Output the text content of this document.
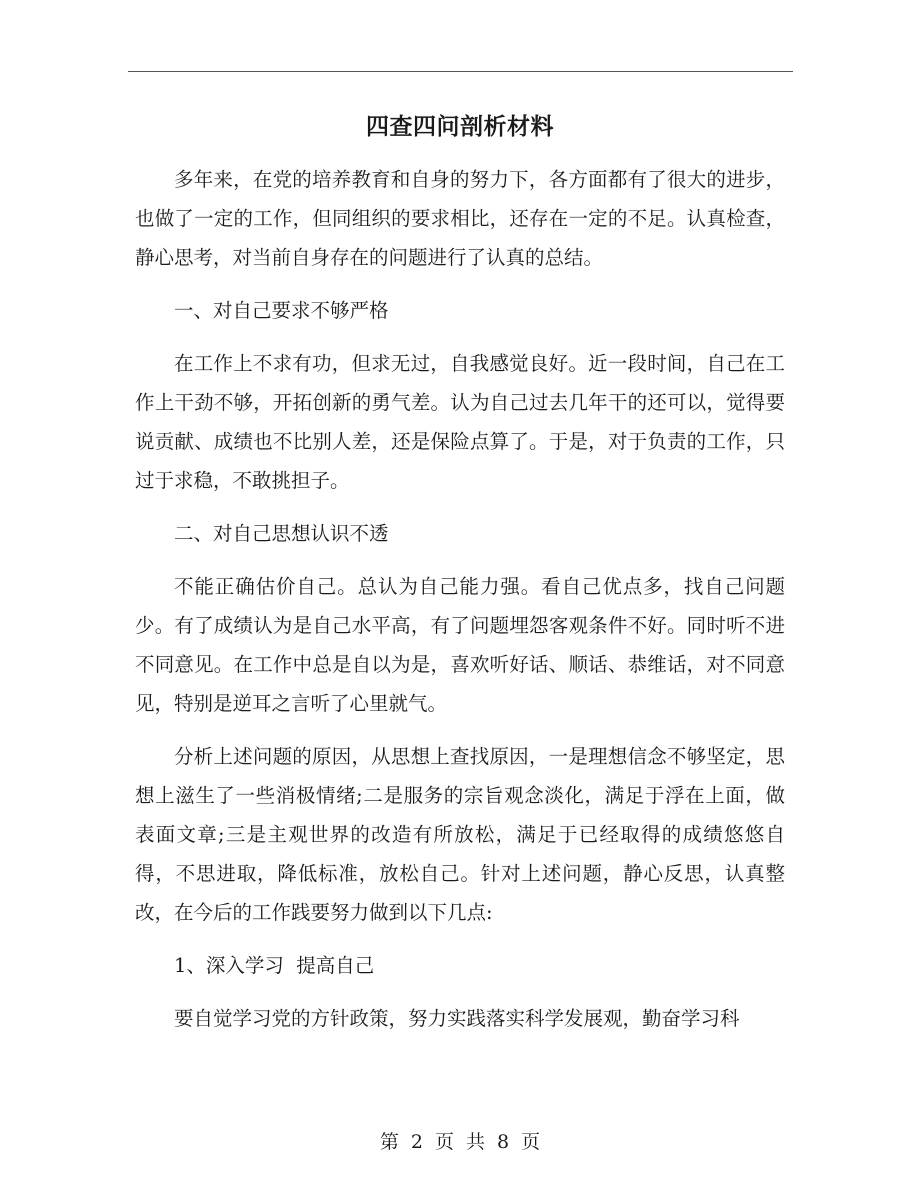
四查四问剖析材料

多年来，在党的培养教育和自身的努力下，各方面都有了很大的进步，也做了一定的工作，但同组织的要求相比，还存在一定的不足。认真检查，静心思考，对当前自身存在的问题进行了认真的总结。

一、对自己要求不够严格

在工作上不求有功，但求无过，自我感觉良好。近一段时间，自己在工作上干劲不够，开拓创新的勇气差。认为自己过去几年干的还可以，觉得要说贡献、成绩也不比别人差，还是保险点算了。于是，对于负责的工作，只过于求稳，不敢挑担子。

二、对自己思想认识不透

不能正确估价自己。总认为自己能力强。看自己优点多，找自己问题少。有了成绩认为是自己水平高，有了问题埋怨客观条件不好。同时听不进不同意见。在工作中总是自以为是，喜欢听好话、顺话、恭维话，对不同意见，特别是逆耳之言听了心里就气。

分析上述问题的原因，从思想上查找原因，一是理想信念不够坚定，思想上滋生了一些消极情绪;二是服务的宗旨观念淡化，满足于浮在上面，做表面文章;三是主观世界的改造有所放松，满足于已经取得的成绩悠悠自得，不思进取，降低标准，放松自己。针对上述问题，静心反思，认真整改，在今后的工作践要努力做到以下几点:

1、深入学习  提高自己

要自觉学习党的方针政策，努力实践落实科学发展观，勤奋学习科

第 2 页 共 8 页
